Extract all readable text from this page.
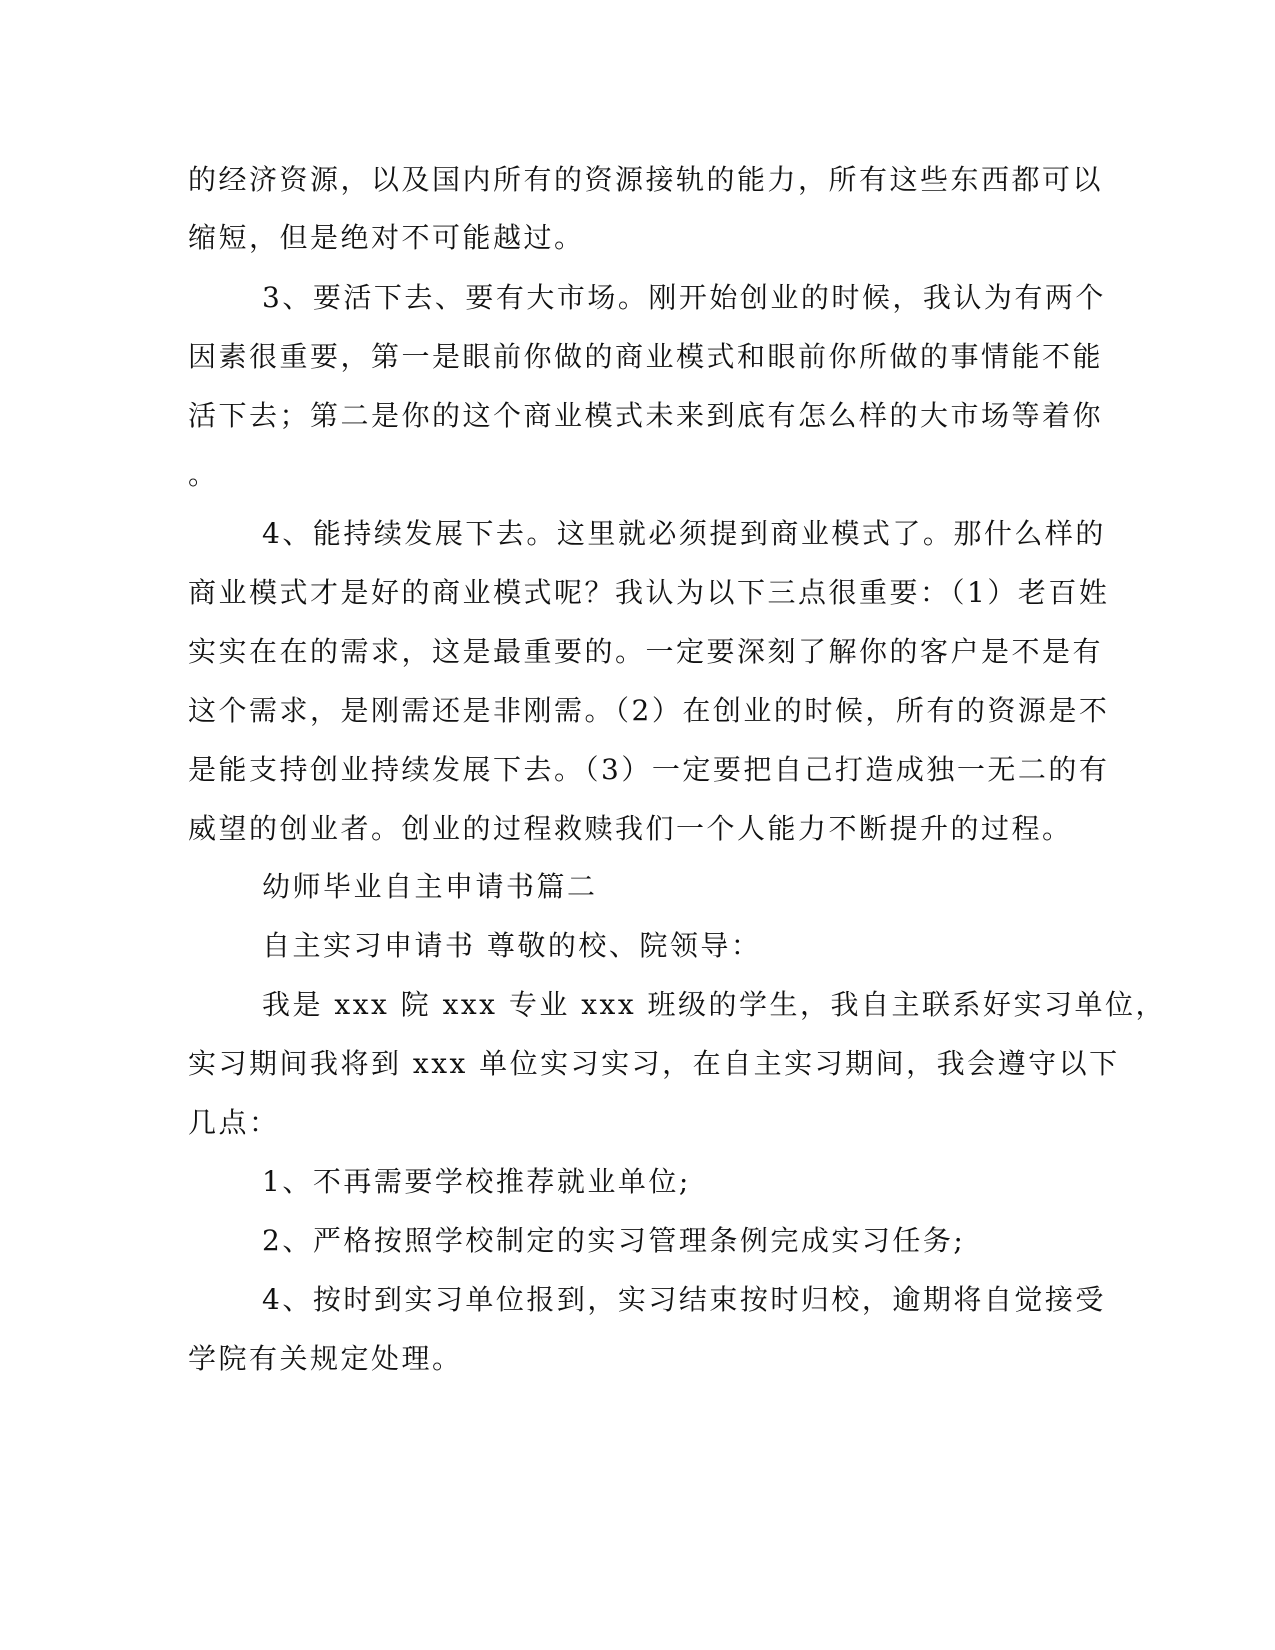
的经济资源，以及国内所有的资源接轨的能力，所有这些东西都可以
缩短，但是绝对不可能越过。
3、要活下去、要有大市场。刚开始创业的时候，我认为有两个
因素很重要，第一是眼前你做的商业模式和眼前你所做的事情能不能
活下去；第二是你的这个商业模式未来到底有怎么样的大市场等着你
。
4、能持续发展下去。这里就必须提到商业模式了。那什么样的
商业模式才是好的商业模式呢？我认为以下三点很重要：（1）老百姓
实实在在的需求，这是最重要的。一定要深刻了解你的客户是不是有
这个需求，是刚需还是非刚需。（2）在创业的时候，所有的资源是不
是能支持创业持续发展下去。（3）一定要把自己打造成独一无二的有
威望的创业者。创业的过程救赎我们一个人能力不断提升的过程。
幼师毕业自主申请书篇二
自主实习申请书 尊敬的校、院领导：
我是 xxx 院 xxx 专业 xxx 班级的学生，我自主联系好实习单位，
实习期间我将到 xxx 单位实习实习，在自主实习期间，我会遵守以下
几点：
1、不再需要学校推荐就业单位;
2、严格按照学校制定的实习管理条例完成实习任务;
4、按时到实习单位报到，实习结束按时归校，逾期将自觉接受
学院有关规定处理。
